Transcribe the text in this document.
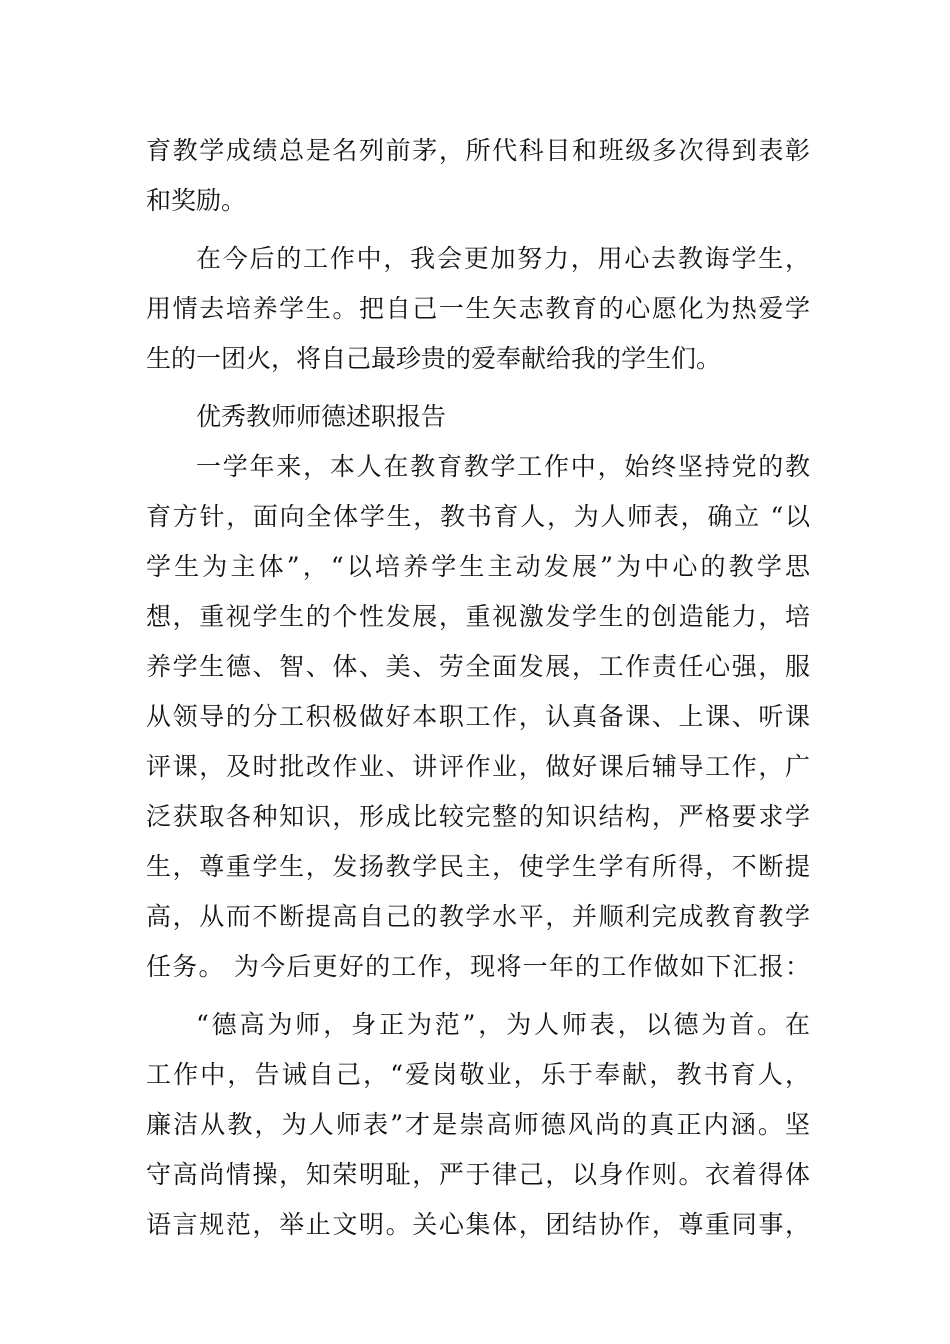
育教学成绩总是名列前茅，所代科目和班级多次得到表彰
和奖励。
在今后的工作中，我会更加努力，用心去教诲学生，
用情去培养学生。把自己一生矢志教育的心愿化为热爱学
生的一团火，将自己最珍贵的爱奉献给我的学生们。
优秀教师师德述职报告
一学年来，本人在教育教学工作中，始终坚持党的教
育方针，面向全体学生，教书育人，为人师表，确立 “以
学生为主体”，“以培养学生主动发展”为中心的教学思
想，重视学生的个性发展，重视激发学生的创造能力，培
养学生德、智、体、美、劳全面发展，工作责任心强，服
从领导的分工积极做好本职工作，认真备课、上课、听课
评课，及时批改作业、讲评作业，做好课后辅导工作，广
泛获取各种知识，形成比较完整的知识结构，严格要求学
生，尊重学生，发扬教学民主，使学生学有所得，不断提
高，从而不断提高自己的教学水平，并顺利完成教育教学
任务。 为今后更好的工作，现将一年的工作做如下汇报：
“德高为师，身正为范”，为人师表，以德为首。在
工作中，告诫自己，“爱岗敬业，乐于奉献，教书育人，
廉洁从教，为人师表”才是崇高师德风尚的真正内涵。坚
守高尚情操，知荣明耻，严于律己，以身作则。衣着得体
语言规范，举止文明。关心集体，团结协作，尊重同事，
